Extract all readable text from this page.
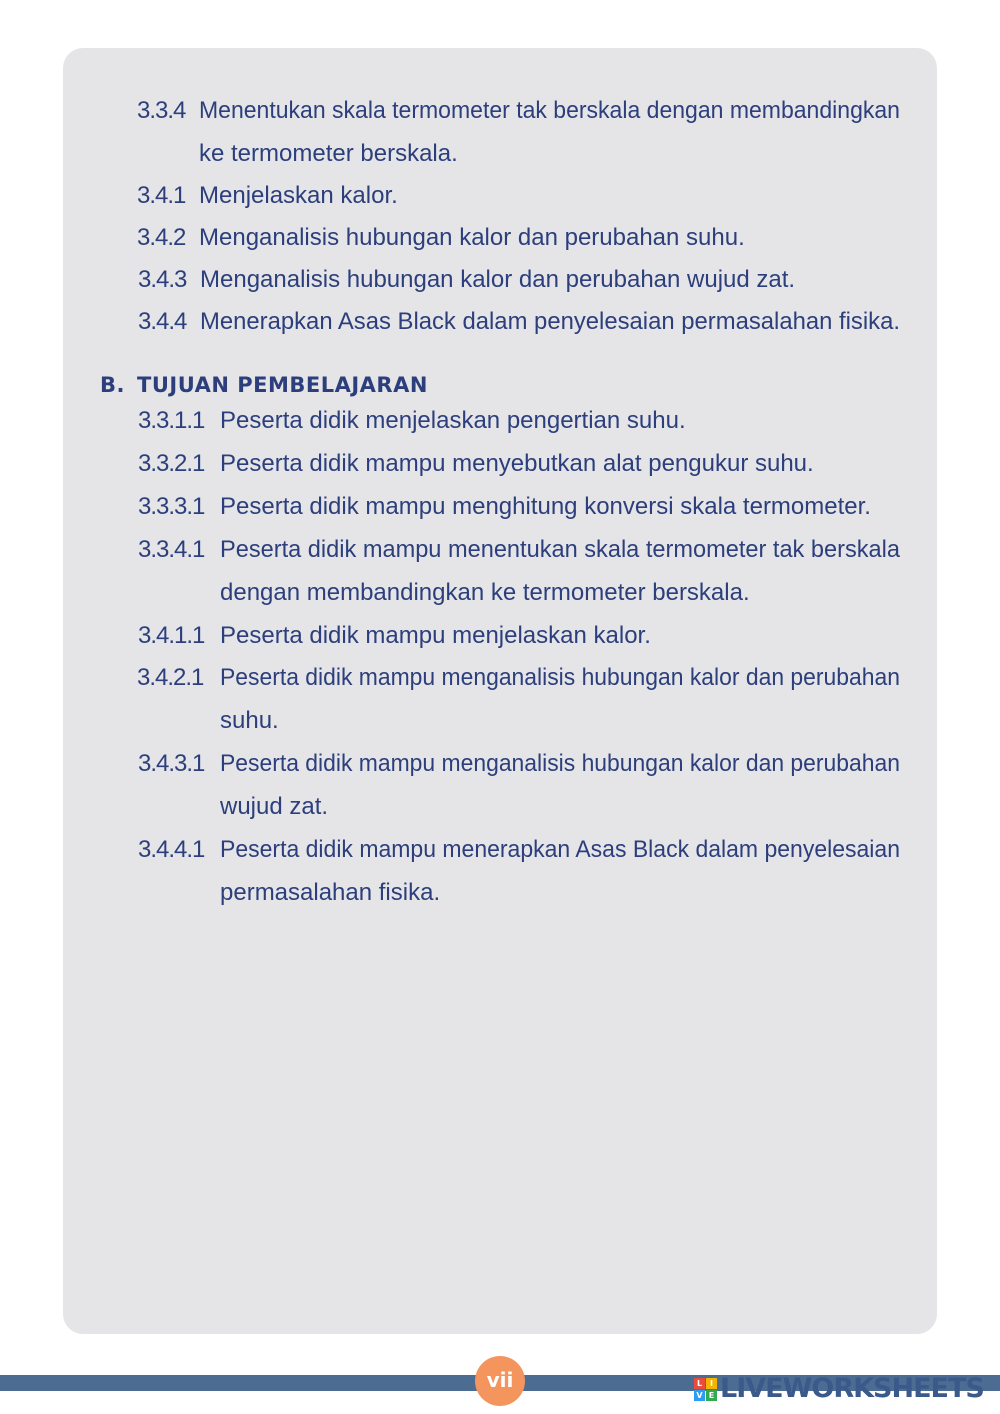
3.3.4 Menentukan skala termometer tak berskala dengan membandingkan
ke termometer berskala.
3.4.1 Menjelaskan kalor.
3.4.2 Menganalisis hubungan kalor dan perubahan suhu.
3.4.3 Menganalisis hubungan kalor dan perubahan wujud zat.
3.4.4 Menerapkan Asas Black dalam penyelesaian permasalahan fisika.
B. TUJUAN PEMBELAJARAN
3.3.1.1 Peserta didik menjelaskan pengertian suhu.
3.3.2.1 Peserta didik mampu menyebutkan alat pengukur suhu.
3.3.3.1 Peserta didik mampu menghitung konversi skala termometer.
3.3.4.1 Peserta didik mampu menentukan skala termometer tak berskala
dengan membandingkan ke termometer berskala.
3.4.1.1 Peserta didik mampu menjelaskan kalor.
3.4.2.1 Peserta didik mampu menganalisis hubungan kalor dan perubahan
suhu.
3.4.3.1 Peserta didik mampu menganalisis hubungan kalor dan perubahan
wujud zat.
3.4.4.1 Peserta didik mampu menerapkan Asas Black dalam penyelesaian
permasalahan fisika.
vii	L I
V E LIVEWORKSHEETS
